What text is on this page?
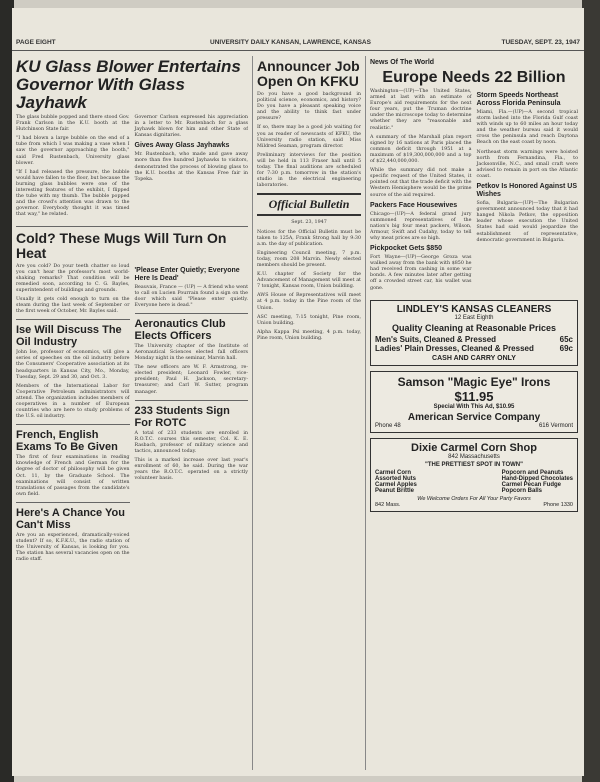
PAGE EIGHT	UNIVERSITY DAILY KANSAN, LAWRENCE, KANSAS	TUESDAY, SEPT. 23, 1947
KU Glass Blower Entertains Governor With Glass Jayhawk

The glass bubble popped and there stood Gov. Frank Carlson in the K.U. booth at the Hutchinson State fair.

"I had blown a large bubble on the end of a tube from which I was making a vase when I saw the governor approaching the booth," said Fred Rustenbach, University glass blower.

"If I had released the pressure, the bubble would have fallen to the floor, but because the burning glass bubbles were one of the interesting features of the exhibit, I flipped the tube with my thumb. The bubble popped and the crowd's attention was drawn to the governor. Everybody thought it was timed that way," he related.

Governor Carlson expressed his appreciation in a letter to Mr. Rustenbach for a glass Jayhawk blown for him and other State of Kansas dignitaries.

Gives Away Glass Jayhawks

Mr. Rustenbach, who made and gave away more than five hundred Jayhawks to visitors, demonstrated the process of blowing glass to the K.U. booths at the Kansas Free fair in Topeka.

Cold? These Mugs Will Turn On Heat

Are you cold? Do your teeth chatter so loud you can't hear the professor's most world-shaking remarks? That condition will be remedied soon, according to C. G. Bayles, superintendent of buildings and grounds.

Usually it gets cold enough to turn on the steam during the last week of September or the first week of October, Mr. Bayles said.

Ise Will Discuss The Oil Industry

John Ise, professor of economics, will give a series of speeches on the oil industry before the Consumers' Cooperative association at its headquarters in Kansas City, Mo., Monday, Tuesday, Sept. 29 and 30, and Oct. 3.

Members of the International Labor for Cooperative Petroleum administrators will attend. The organization includes members of cooperatives in a number of European countries who are here to study problems of the U.S. oil industry.

French, English Exams To Be Given

The first of four examinations in reading knowledge of French and German for the degree of doctor of philosophy will be given Oct. 11, by the Graduate School. The examinations will consist of written translations of passages from the candidate's own field.

Here's A Chance You Can't Miss

Are you an experienced, dramatically-voiced student? If so, K.F.K.U., the radio station of the University of Kansas, is looking for you. The station has several vacancies open on the radio staff.

'Please Enter Quietly; Everyone Here Is Dead'

Beauvais, France — (UP) — A friend who went to call on Lucien Pourrain found a sign on the door which said "Please enter quietly. Everyone here is dead."

Aeronautics Club Elects Officers

The University chapter of the Institute of Aeronautical Sciences elected fall officers Monday night in the seminar, Marvin hall.

The new officers are W. F. Armstrong, re-elected president; Leonard Fowler, vice-president; Paul H. Jackson, secretary-treasurer; and Carl W. Sutter, program manager.

233 Students Sign For ROTC

A total of 233 students are enrolled in R.O.T.C. courses this semester, Col. K. E. Rasbach, professor of military science and tactics, announced today.

This is a marked increase over last year's enrollment of 60, he said. During the war years the R.O.T.C. operated on a strictly volunteer basis.

Announcer Job Open On KFKU

Do you have a good background in political science, economics, and history? Do you have a pleasant speaking voice and the ability to think fast under pressure?

If so, there may be a good job waiting for you as reader of newscasts of KFKU, the University radio station, said Miss Mildred Seaman, program director.

Preliminary interviews for the position will be held in 113 Fraser hall until 5 today. The final auditions are scheduled for 7:30 p.m. tomorrow in the station's studio in the electrical engineering laboratories.

Official Bulletin

Sept. 23, 1947

Notices for the Official Bulletin must be taken to 125A, Frank Strong hall by 9:30 a.m. the day of publication.

Engineering Council meeting, 7 p.m. today, room 208 Marvin. Newly elected members should be present.

K.U. chapter of Society for the Advancement of Management will meet at 7 tonight, Kansas room, Union building.

AWS House of Representatives will meet at 4 p.m. today in the Pine room of the Union.

ASC meeting, 7:15 tonight, Pine room, Union building.

Alpha Kappa Psi meeting, 4 p.m. today, Pine room, Union building.

News Of The World
Europe Needs 22 Billion

Washington—(UP)—The United States, armed at last with an estimate of Europe's aid requirements for the next four years, put the Truman doctrine under the microscope today to determine whether they are "reasonable and realistic."

A summary of the Marshall plan report signed by 16 nations at Paris placed the common deficit through 1951 at a maximum of $19,300,000,000 and a top of $22,440,000,000.

While the summary did not make a specific request of the United States, it pointed out that the trade deficit with the Western Hemisphere would be the prime source of the aid required.

Packers Face Housewives

Chicago—(UP)—A federal grand jury summoned representatives of the nation's big four meat packers, Wilson, Armour, Swift and Cudahy, today to tell why meat prices are so high.

Pickpocket Gets $850

Fort Wayne—(UP)—George Groza was walked away from the bank with $850 he had received from cashing in some war bonds. A few minutes later after getting off a crowded street car, his wallet was gone.

Storm Speeds Northeast Across Florida Peninsula

Miami, Fla.—(UP)—A second tropical storm lashed into the Florida Gulf coast with winds up to 60 miles an hour today and the weather bureau said it would cross the peninsula and reach Daytona Beach on the east coast by noon.

Northeast storm warnings were hoisted north from Fernandina, Fla., to Jacksonville, N.C., and small craft were advised to remain in port on the Atlantic coast.

Petkov Is Honored Against US Wishes

Sofia, Bulgaria—(UP)—The Bulgarian government announced today that it had hanged Nikola Petkov, the opposition leader whose execution the United States had said would jeopardize the establishment of representative, democratic government in Bulgaria.

LINDLEY'S KANSAS CLEANERS
12 East Eighth
Quality Cleaning at Reasonable Prices
Men's Suits, Cleaned & Pressed	65c
Ladies' Plain Dresses, Cleaned & Pressed	69c
CASH AND CARRY ONLY
Samson "Magic Eye" Irons
$11.95
Special With This Ad, $10.95
American Service Company
Phone 48	616 Vermont
Dixie Carmel Corn Shop
842 Massachusetts
"THE PRETTIEST SPOT IN TOWN"
Carmel Corn
Assorted Nuts
Carmel Apples
Peanut Brittle
Popcorn and Peanuts
Hand-Dipped Chocolates
Carmel Pecan Fudge
Popcorn Balls
We Welcome Orders For All Your Party Favors
842 Mass.	Phone 1330
